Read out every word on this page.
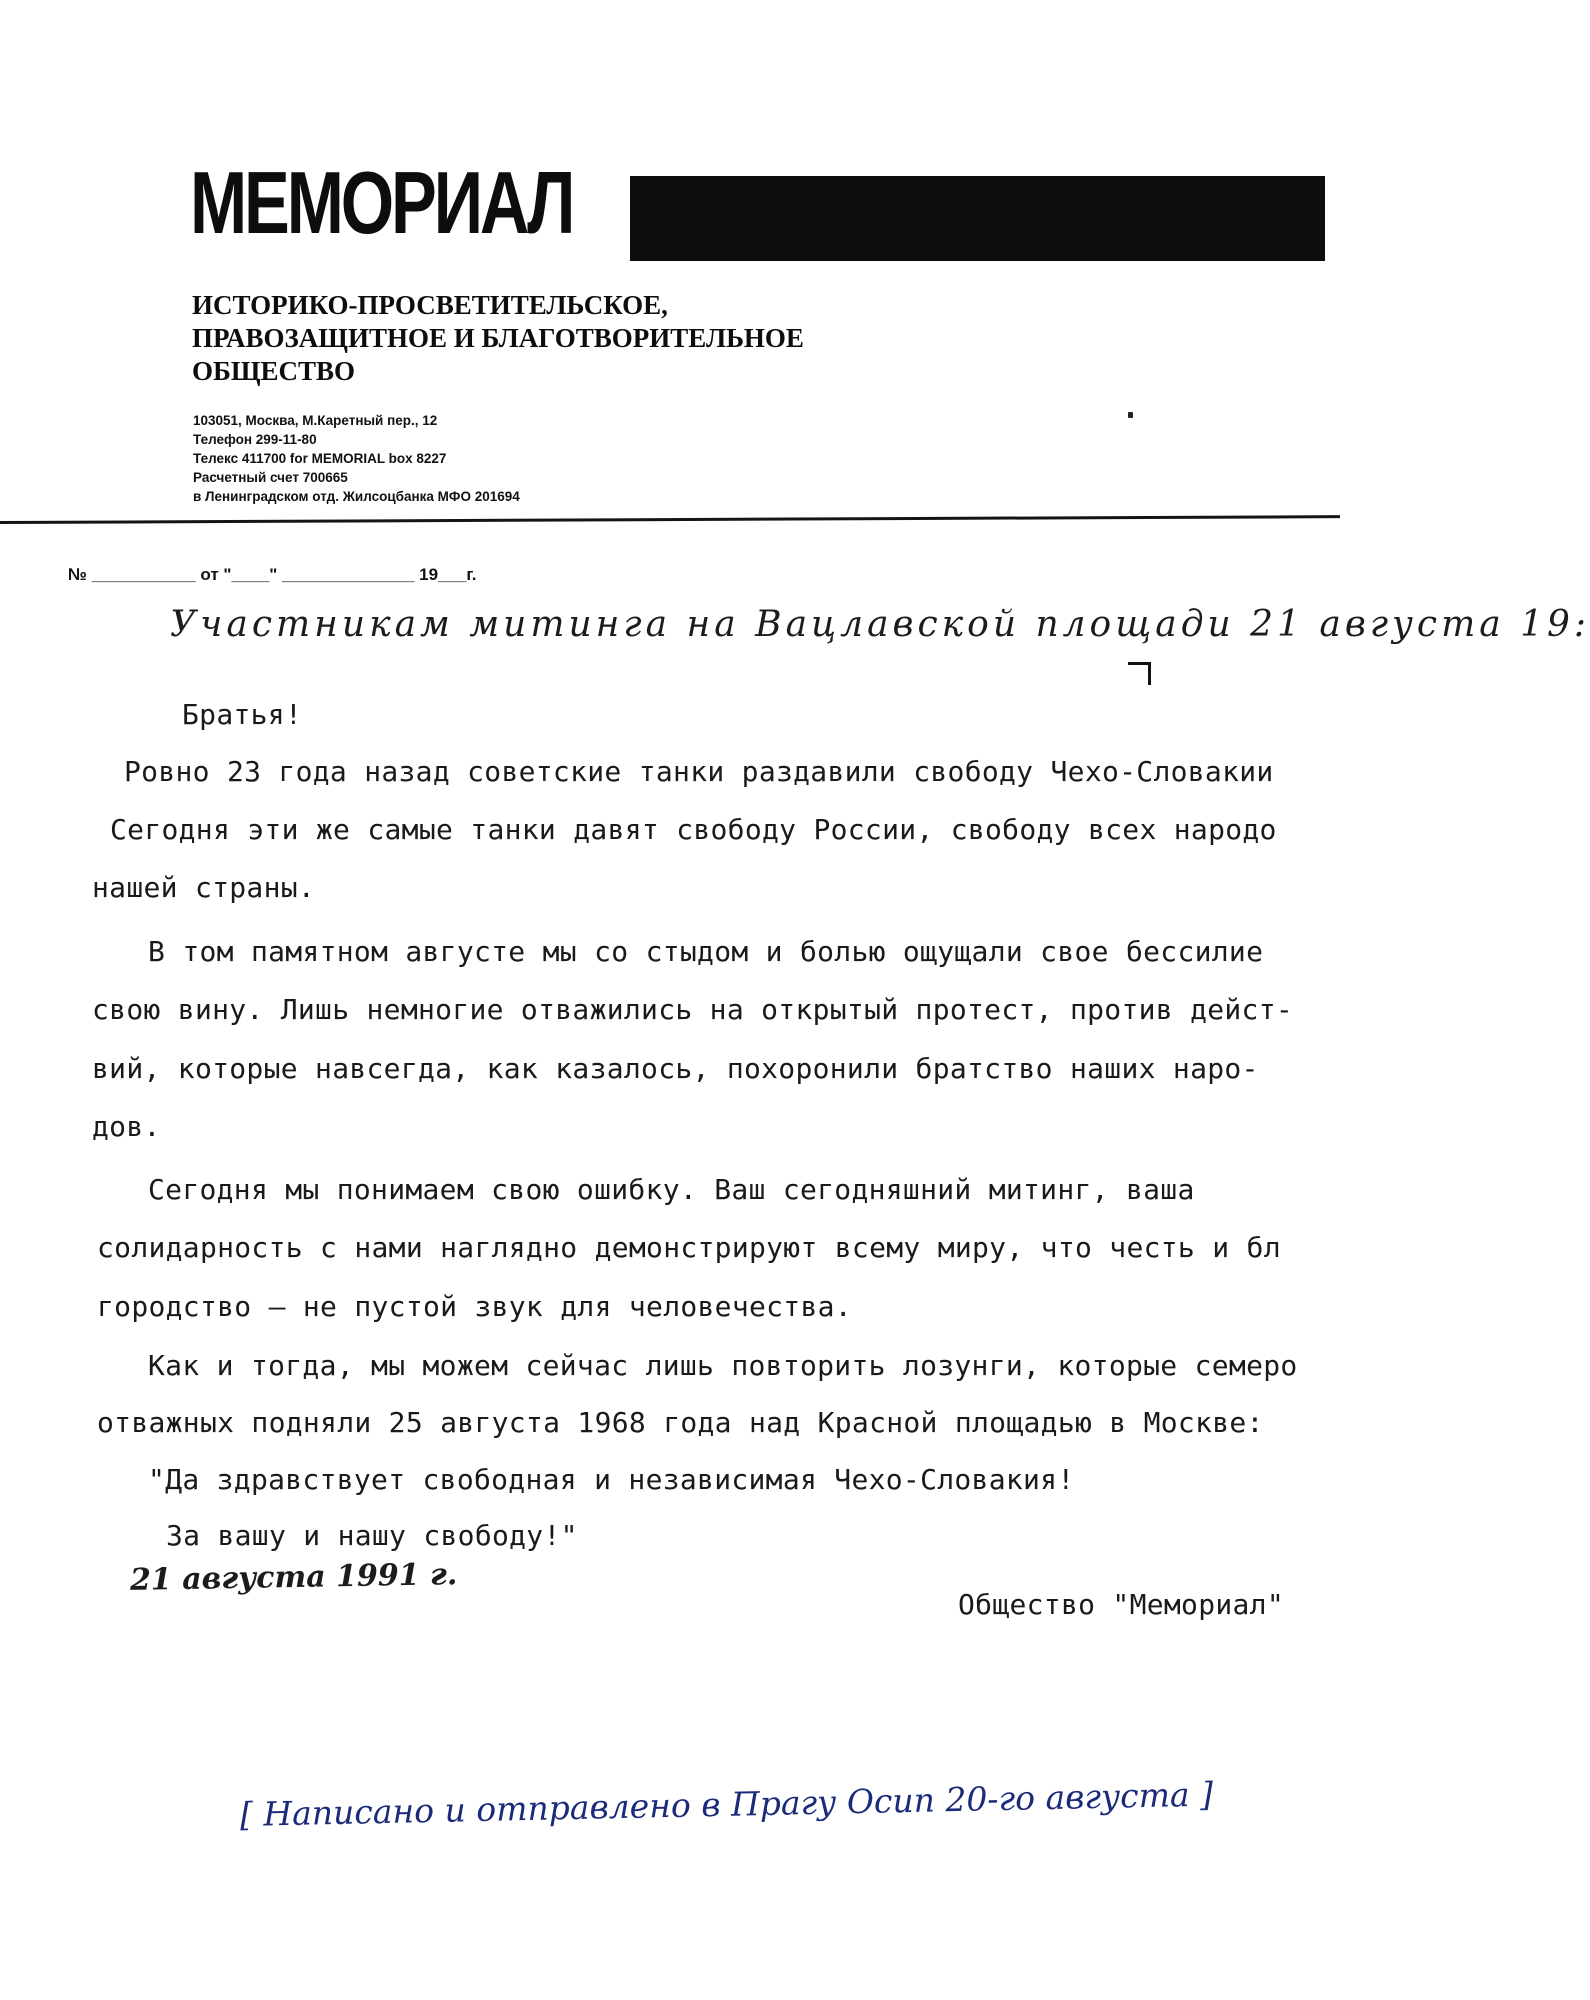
МЕМОРИАЛ
ИСТОРИКО-ПРОСВЕТИТЕЛЬСКОЕ,
ПРАВОЗАЩИТНОЕ И БЛАГОТВОРИТЕЛЬНОЕ
ОБЩЕСТВО
103051, Москва, М.Каретный пер., 12
Телефон 299-11-80
Телекс 411700 for MEMORIAL box 8227
Расчетный счет 700665
в Ленинградском отд. Жилсоцбанка МФО 201694
№ ___________ от "____" ______________ 19___г.
Участникам митинга на Вацлавской площади 21 августа 19:
Братья!
Ровно 23 года назад советские танки раздавили свободу Чехо-Словакии
Сегодня эти же самые танки давят свободу России, свободу всех народо
нашей страны.
В том памятном августе мы со стыдом и болью ощущали свое бессилие
свою вину. Лишь немногие отважились на открытый протест, против дейст-
вий, которые навсегда, как казалось, похоронили братство наших наро-
дов.
Сегодня мы понимаем свою ошибку. Ваш сегодняшний митинг, ваша
солидарность с нами наглядно демонстрируют всему миру, что честь и бл
городство — не пустой звук для человечества.
Как и тогда, мы можем сейчас лишь повторить лозунги, которые семеро
отважных подняли 25 августа 1968 года над Красной площадью в Москве:
"Да здравствует свободная и независимая Чехо-Словакия!
За вашу и нашу свободу!"
21 августа 1991 г.
Общество "Мемориал"
[ Написано и отправлено в Прагу Осип 20-го августа ]
